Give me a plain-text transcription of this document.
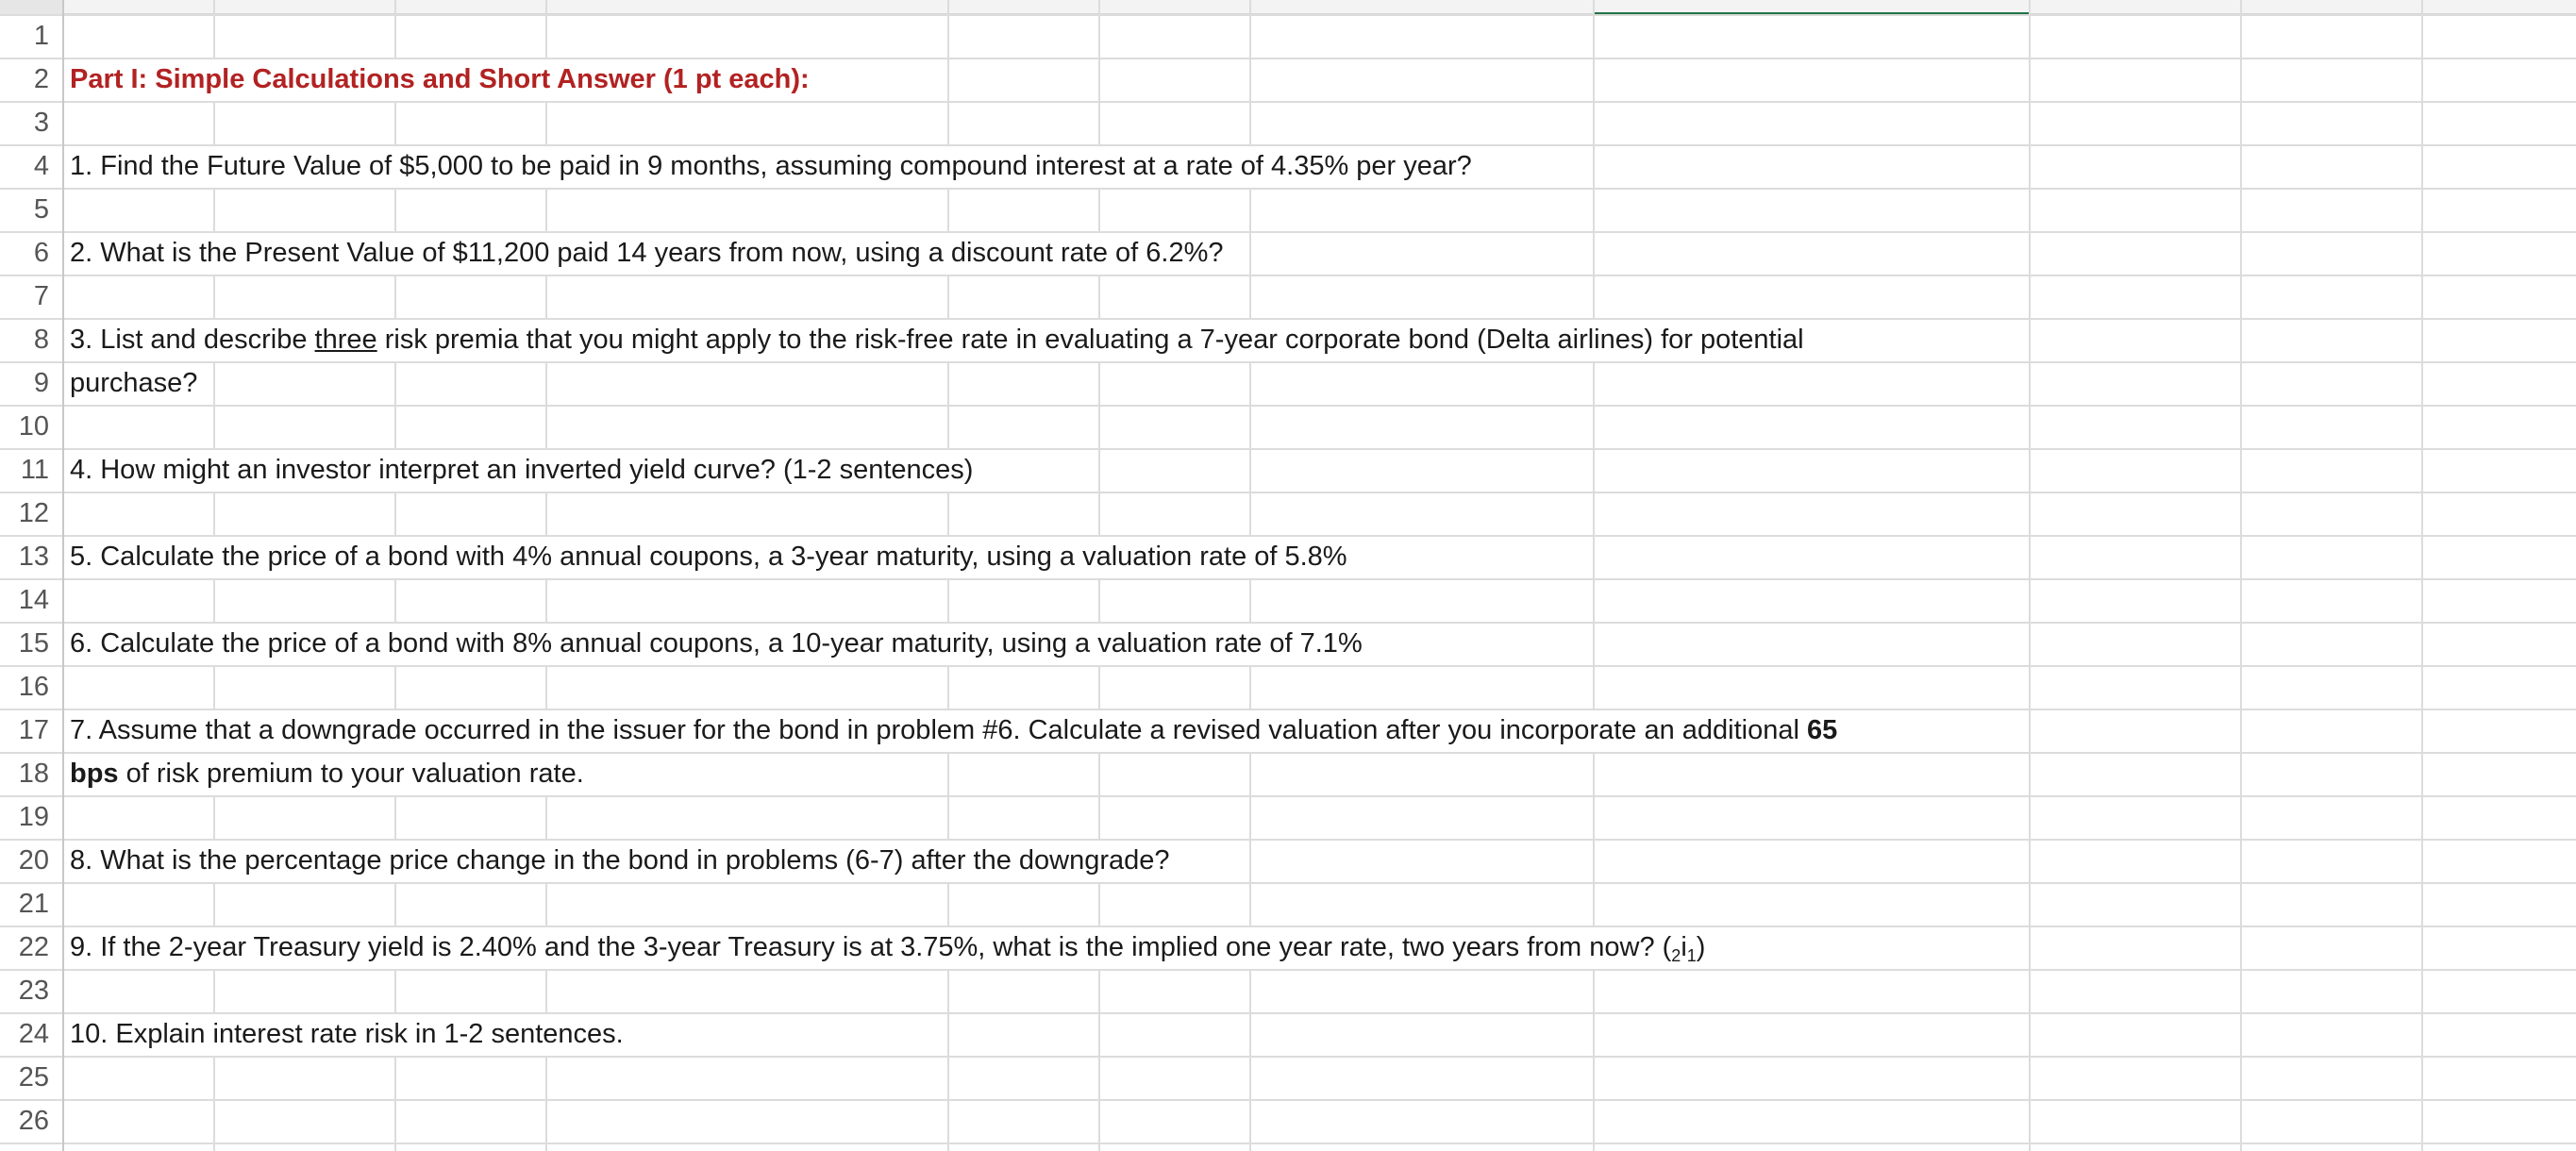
1
2
3
4
5
6
7
8
9
10
11
12
13
14
15
16
17
18
19
20
21
22
23
24
25
26
Part I: Simple Calculations and Short Answer (1 pt each):
1. Find the Future Value of $5,000 to be paid in 9 months, assuming compound interest at a rate of 4.35% per year?
2. What is the Present Value of $11,200 paid 14 years from now, using a discount rate of 6.2%?
3. List and describe three risk premia that you might apply to the risk-free rate in evaluating a 7-year corporate bond (Delta airlines) for potential
purchase?
4. How might an investor interpret an inverted yield curve? (1-2 sentences)
5. Calculate the price of a bond with 4% annual coupons, a 3-year maturity, using a valuation rate of 5.8%
6. Calculate the price of a bond with 8% annual coupons, a 10-year maturity, using a valuation rate of 7.1%
7. Assume that a downgrade occurred in the issuer for the bond in problem #6. Calculate a revised valuation after you incorporate an additional 65
bps of risk premium to your valuation rate.
8. What is the percentage price change in the bond in problems (6-7) after the downgrade?
9. If the 2-year Treasury yield is 2.40% and the 3-year Treasury is at 3.75%, what is the implied one year rate, two years from now? $(_2i_1)$
10. Explain interest rate risk in 1-2 sentences.
